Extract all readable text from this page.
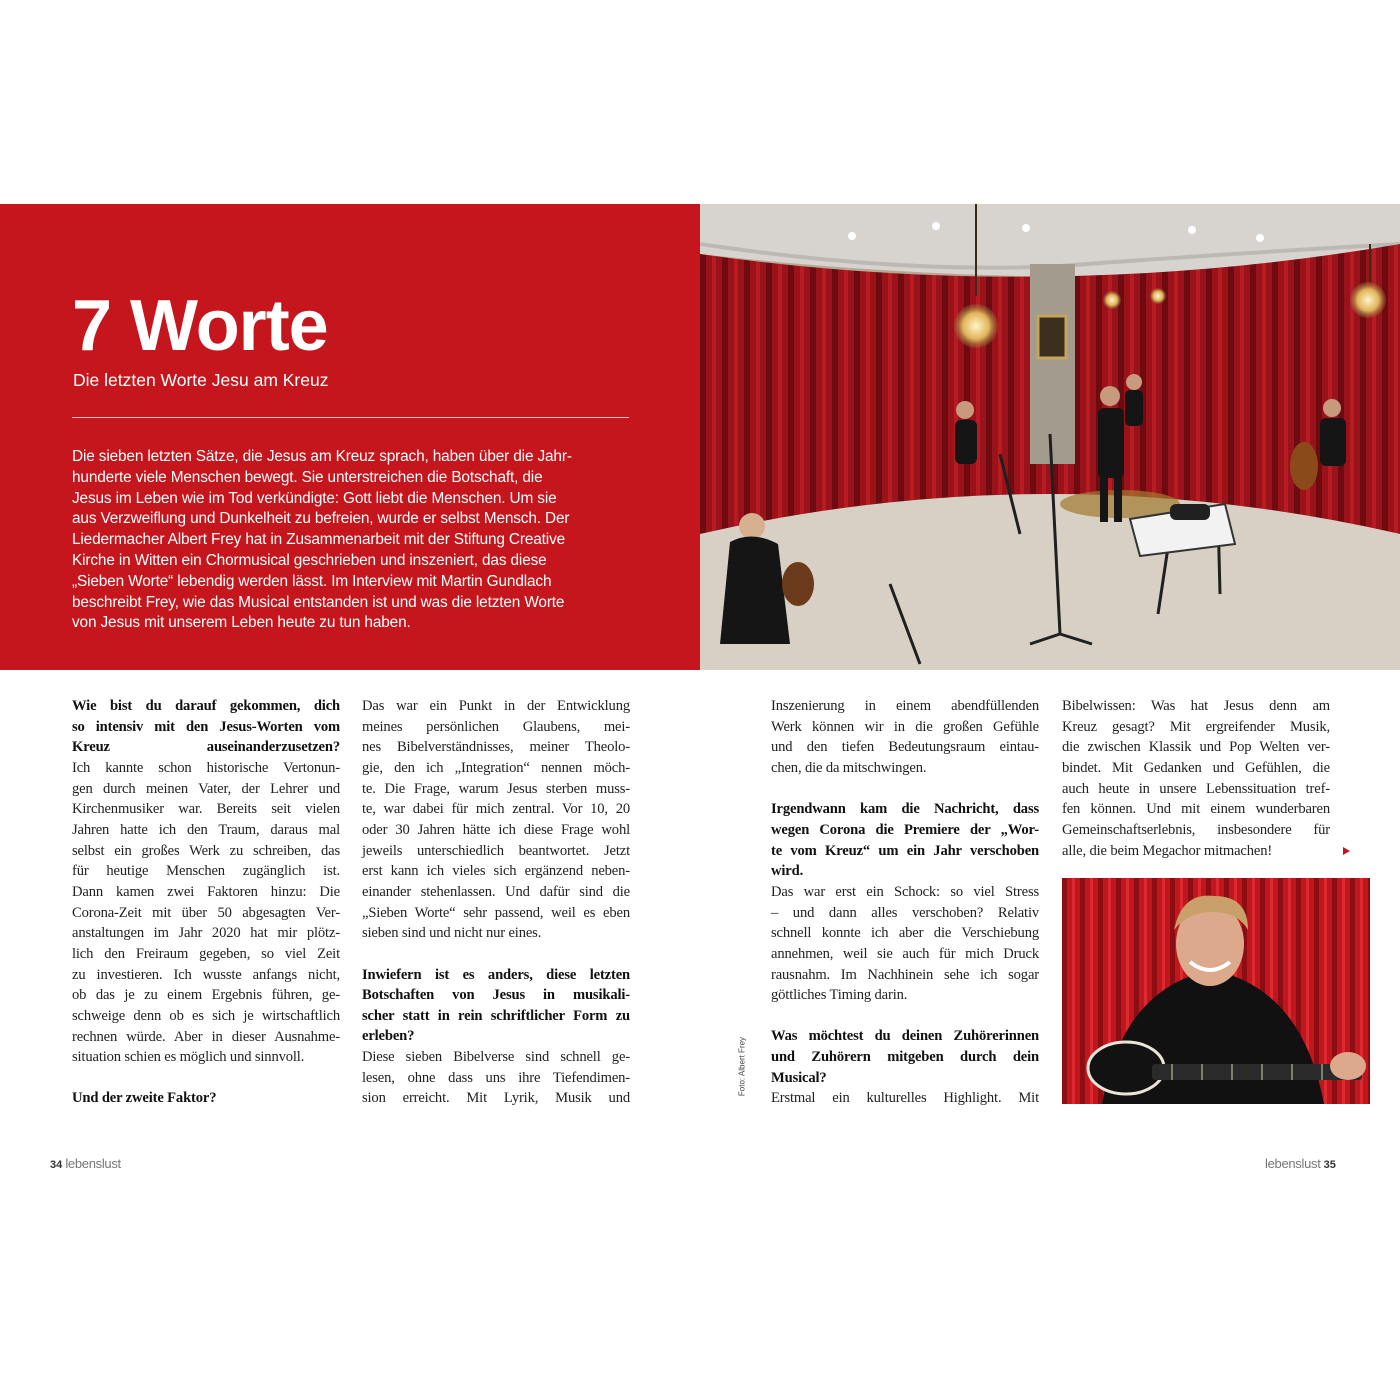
7 Worte
Die letzten Worte Jesu am Kreuz
Die sieben letzten Sätze, die Jesus am Kreuz sprach, haben über die Jahr-
hunderte viele Menschen bewegt. Sie unterstreichen die Botschaft, die
Jesus im Leben wie im Tod verkündigte: Gott liebt die Menschen. Um sie
aus Verzweiflung und Dunkelheit zu befreien, wurde er selbst Mensch. Der
Liedermacher Albert Frey hat in Zusammenarbeit mit der Stiftung Creative
Kirche in Witten ein Chormusical geschrieben und inszeniert, das diese
„Sieben Worte“ lebendig werden lässt. Im Interview mit Martin Gundlach
beschreibt Frey, wie das Musical entstanden ist und was die letzten Worte
von Jesus mit unserem Leben heute zu tun haben.
Foto: Albert Frey
Wie bist du darauf gekommen, dich
so intensiv mit den Jesus-Worten vom
Kreuz auseinanderzusetzen?
Ich kannte schon historische Vertonun-
gen durch meinen Vater, der Lehrer und
Kirchenmusiker war. Bereits seit vielen
Jahren hatte ich den Traum, daraus mal
selbst ein großes Werk zu schreiben, das
für heutige Menschen zugänglich ist.
Dann kamen zwei Faktoren hinzu: Die
Corona-Zeit mit über 50 abgesagten Ver-
anstaltungen im Jahr 2020 hat mir plötz-
lich den Freiraum gegeben, so viel Zeit
zu investieren. Ich wusste anfangs nicht,
ob das je zu einem Ergebnis führen, ge-
schweige denn ob es sich je wirtschaftlich
rechnen würde. Aber in dieser Ausnahme-
situation schien es möglich und sinnvoll.
Und der zweite Faktor?
Das war ein Punkt in der Entwicklung
meines persönlichen Glaubens, mei-
nes Bibelverständnisses, meiner Theolo-
gie, den ich „Integration“ nennen möch-
te. Die Frage, warum Jesus sterben muss-
te, war dabei für mich zentral. Vor 10, 20
oder 30 Jahren hätte ich diese Frage wohl
jeweils unterschiedlich beantwortet. Jetzt
erst kann ich vieles sich ergänzend neben-
einander stehenlassen. Und dafür sind die
„Sieben Worte“ sehr passend, weil es eben
sieben sind und nicht nur eines.
Inwiefern ist es anders, diese letzten
Botschaften von Jesus in musikali-
scher statt in rein schriftlicher Form zu
erleben?
Diese sieben Bibelverse sind schnell ge-
lesen, ohne dass uns ihre Tiefendimen-
sion erreicht. Mit Lyrik, Musik und
Inszenierung in einem abendfüllenden
Werk können wir in die großen Gefühle
und den tiefen Bedeutungsraum eintau-
chen, die da mitschwingen.
Irgendwann kam die Nachricht, dass
wegen Corona die Premiere der „Wor-
te vom Kreuz“ um ein Jahr verschoben
wird.
Das war erst ein Schock: so viel Stress
– und dann alles verschoben? Relativ
schnell konnte ich aber die Verschiebung
annehmen, weil sie auch für mich Druck
rausnahm. Im Nachhinein sehe ich sogar
göttliches Timing darin.
Was möchtest du deinen Zuhörerinnen
und Zuhörern mitgeben durch dein
Musical?
Erstmal ein kulturelles Highlight. Mit
Bibelwissen: Was hat Jesus denn am
Kreuz gesagt? Mit ergreifender Musik,
die zwischen Klassik und Pop Welten ver-
bindet. Mit Gedanken und Gefühlen, die
auch heute in unsere Lebenssituation tref-
fen können. Und mit einem wunderbaren
Gemeinschaftserlebnis, insbesondere für
alle, die beim Megachor mitmachen!
34 lebenslust	lebenslust 35
